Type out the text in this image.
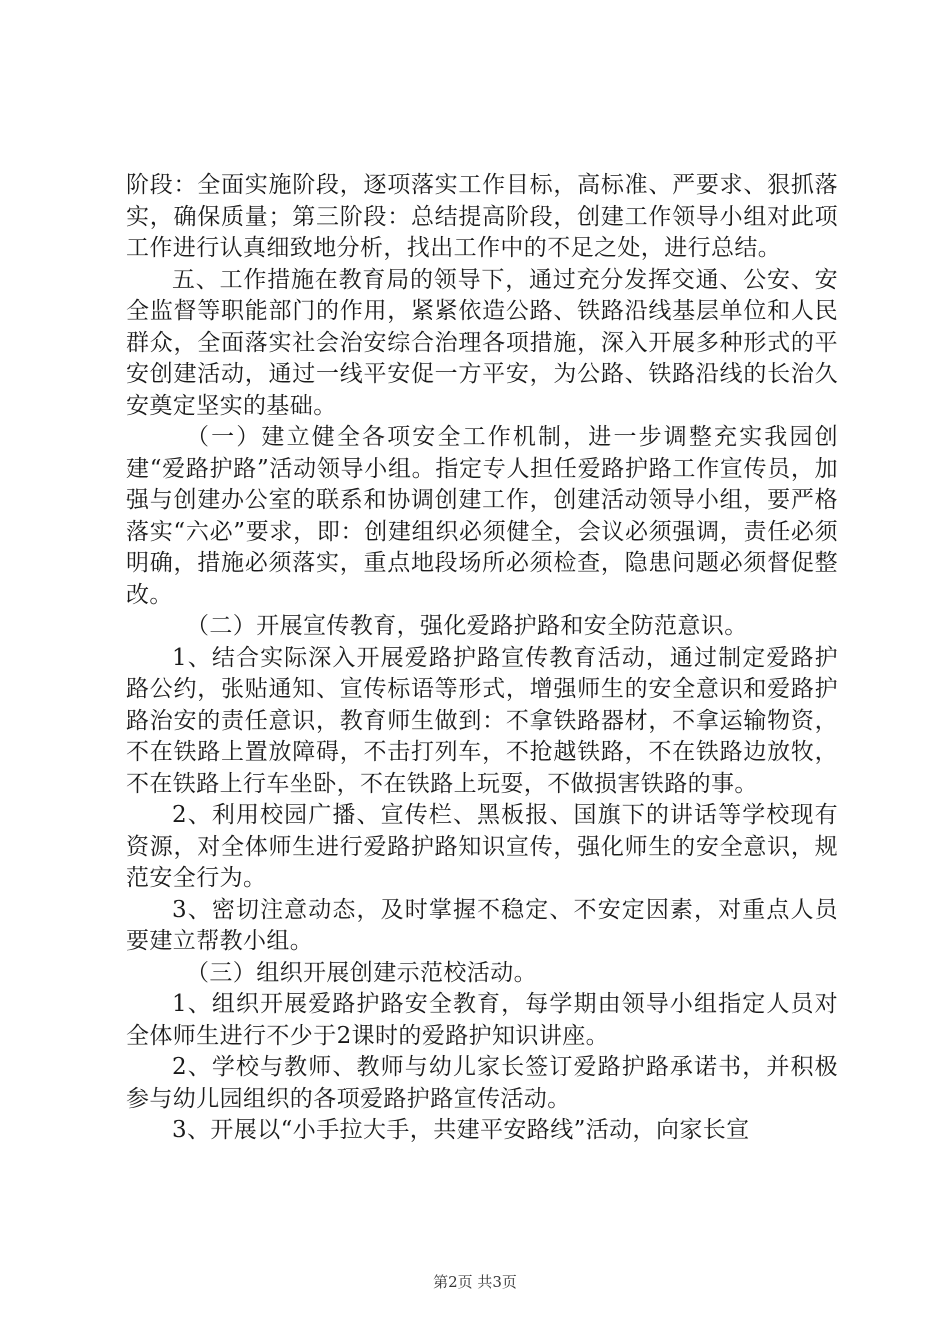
阶段：全面实施阶段，逐项落实工作目标，高标准、严要求、狠抓落实，确保质量；第三阶段：总结提高阶段，创建工作领导小组对此项工作进行认真细致地分析，找出工作中的不足之处，进行总结。

五、工作措施在教育局的领导下，通过充分发挥交通、公安、安全监督等职能部门的作用，紧紧依造公路、铁路沿线基层单位和人民群众，全面落实社会治安综合治理各项措施，深入开展多种形式的平安创建活动，通过一线平安促一方平安，为公路、铁路沿线的长治久安奠定坚实的基础。

（一）建立健全各项安全工作机制，进一步调整充实我园创建“爱路护路”活动领导小组。指定专人担任爱路护路工作宣传员，加强与创建办公室的联系和协调创建工作，创建活动领导小组，要严格落实“六必”要求，即：创建组织必须健全，会议必须强调，责任必须明确，措施必须落实，重点地段场所必须检查，隐患问题必须督促整改。

（二）开展宣传教育，强化爱路护路和安全防范意识。

1、结合实际深入开展爱路护路宣传教育活动，通过制定爱路护路公约，张贴通知、宣传标语等形式，增强师生的安全意识和爱路护路治安的责任意识，教育师生做到：不拿铁路器材，不拿运输物资，不在铁路上置放障碍，不击打列车，不抢越铁路，不在铁路边放牧，不在铁路上行车坐卧，不在铁路上玩耍，不做损害铁路的事。

2、利用校园广播、宣传栏、黑板报、国旗下的讲话等学校现有资源，对全体师生进行爱路护路知识宣传，强化师生的安全意识，规范安全行为。

3、密切注意动态，及时掌握不稳定、不安定因素，对重点人员要建立帮教小组。

（三）组织开展创建示范校活动。

1、组织开展爱路护路安全教育，每学期由领导小组指定人员对全体师生进行不少于2课时的爱路护知识讲座。

2、学校与教师、教师与幼儿家长签订爱路护路承诺书，并积极参与幼儿园组织的各项爱路护路宣传活动。

3、开展以“小手拉大手，共建平安路线”活动，向家长宣

第2页 共3页
